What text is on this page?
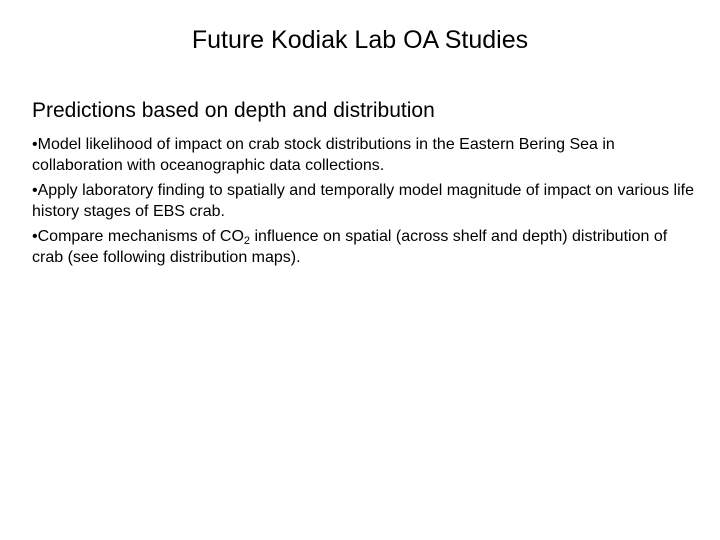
Future Kodiak Lab OA Studies
Predictions based on depth and distribution
•Model likelihood of impact on crab stock distributions in the Eastern Bering Sea in collaboration with oceanographic data collections.
•Apply laboratory finding to spatially and temporally model magnitude of impact on various life history stages of EBS crab.
•Compare mechanisms of $CO_2$ influence on spatial (across shelf and depth) distribution of crab (see following distribution maps).
